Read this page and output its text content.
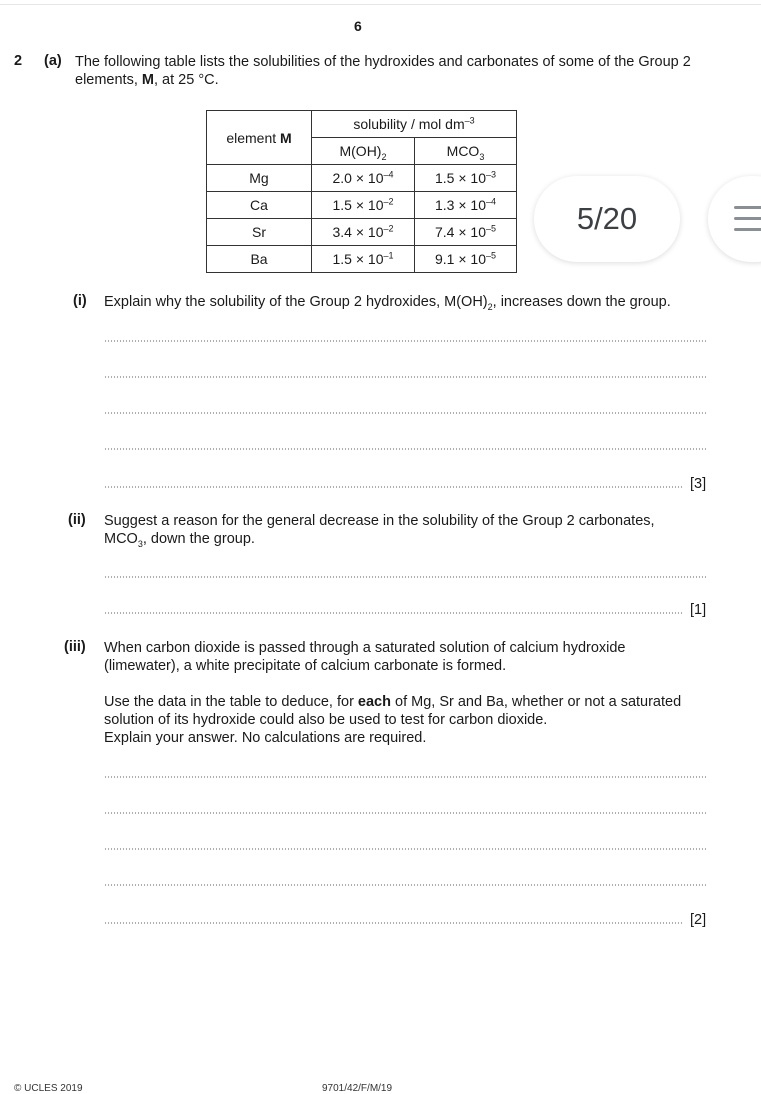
6
2 (a) The following table lists the solubilities of the hydroxides and carbonates of some of the Group 2
elements, M, at 25 °C.
element M	solubility / mol $dm^{-3}$
	$M(OH)_2$	$MCO_3$
Mg	$2.0 \times 10^{-4}$	$1.5 \times 10^{-3}$
Ca	$1.5 \times 10^{-2}$	$1.3 \times 10^{-4}$
Sr	$3.4 \times 10^{-2}$	$7.4 \times 10^{-5}$
Ba	$1.5 \times 10^{-1}$	$9.1 \times 10^{-5}$
5/20
(i) Explain why the solubility of the Group 2 hydroxides, $M(OH)_2$, increases down the group.
[3]
(ii) Suggest a reason for the general decrease in the solubility of the Group 2 carbonates,
$MCO_3$, down the group.
[1]
(iii) When carbon dioxide is passed through a saturated solution of calcium hydroxide
(limewater), a white precipitate of calcium carbonate is formed.
Use the data in the table to deduce, for each of Mg, Sr and Ba, whether or not a saturated
solution of its hydroxide could also be used to test for carbon dioxide.
Explain your answer. No calculations are required.
[2]
© UCLES 2019	9701/42/F/M/19
